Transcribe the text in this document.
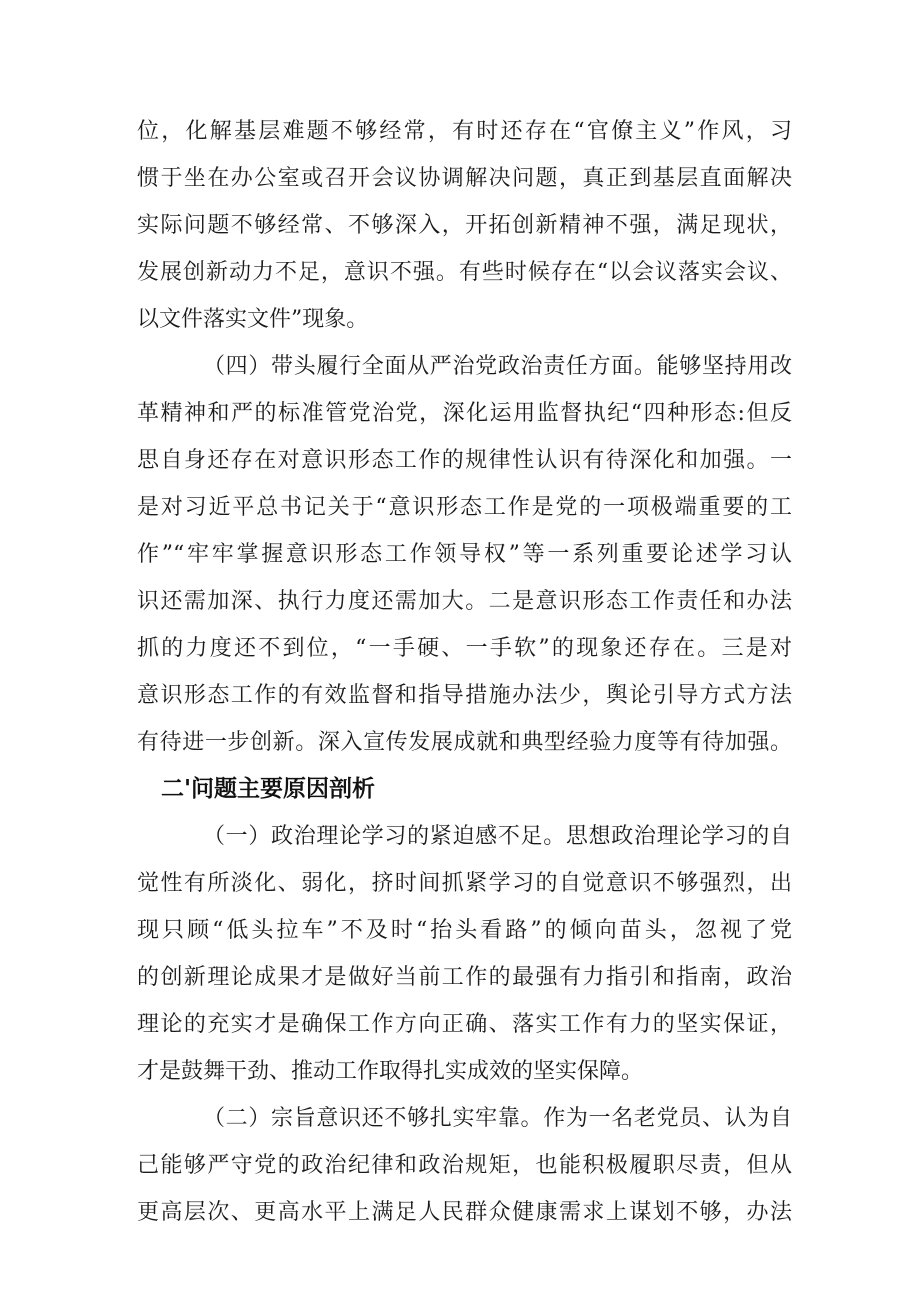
位，化解基层难题不够经常，有时还存在“官僚主义”作风，习
惯于坐在办公室或召开会议协调解决问题，真正到基层直面解决
实际问题不够经常、不够深入，开拓创新精神不强，满足现状，
发展创新动力不足，意识不强。有些时候存在“以会议落实会议、
以文件落实文件”现象。
（四）带头履行全面从严治党政治责任方面。能够坚持用改
革精神和严的标准管党治党，深化运用监督执纪“四种形态:但反
思自身还存在对意识形态工作的规律性认识有待深化和加强。一
是对习近平总书记关于“意识形态工作是党的一项极端重要的工
作”“牢牢掌握意识形态工作领导权”等一系列重要论述学习认
识还需加深、执行力度还需加大。二是意识形态工作责任和办法
抓的力度还不到位，“一手硬、一手软”的现象还存在。三是对
意识形态工作的有效监督和指导措施办法少，舆论引导方式方法
有待进一步创新。深入宣传发展成就和典型经验力度等有待加强。
二'问题主要原因剖析
（一）政治理论学习的紧迫感不足。思想政治理论学习的自
觉性有所淡化、弱化，挤时间抓紧学习的自觉意识不够强烈，出
现只顾“低头拉车”不及时“抬头看路”的倾向苗头，忽视了党
的创新理论成果才是做好当前工作的最强有力指引和指南，政治
理论的充实才是确保工作方向正确、落实工作有力的坚实保证，
才是鼓舞干劲、推动工作取得扎实成效的坚实保障。
（二）宗旨意识还不够扎实牢靠。作为一名老党员、认为自
己能够严守党的政治纪律和政治规矩，也能积极履职尽责，但从
更高层次、更高水平上满足人民群众健康需求上谋划不够，办法
